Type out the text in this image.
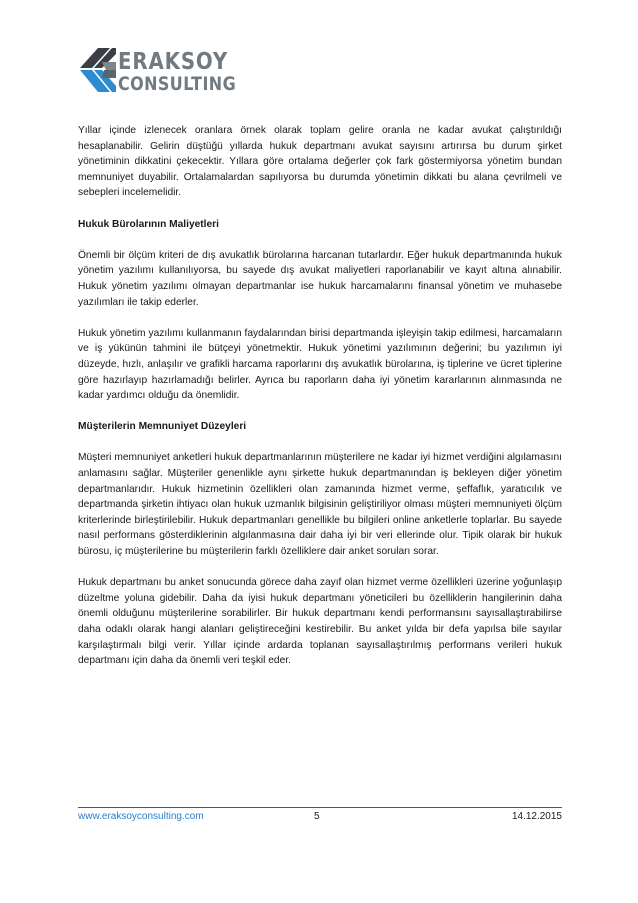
ERAKSOY
CONSULTING

Yıllar içinde izlenecek oranlara örnek olarak toplam gelire oranla ne kadar avukat çalıştırıldığı hesaplanabilir. Gelirin düştüğü yıllarda hukuk departmanı avukat sayısını artırırsa bu durum şirket yönetiminin dikkatini çekecektir. Yıllara göre ortalama değerler çok fark göstermiyorsa yönetim bundan memnuniyet duyabilir. Ortalamalardan sapılıyorsa bu durumda yönetimin dikkati bu alana çevrilmeli ve sebepleri incelemelidir.

Hukuk Bürolarının Maliyetleri

Önemli bir ölçüm kriteri de dış avukatlık bürolarına harcanan tutarlardır. Eğer hukuk departmanında hukuk yönetim yazılımı kullanılıyorsa, bu sayede dış avukat maliyetleri raporlanabilir ve kayıt altına alınabilir. Hukuk yönetim yazılımı olmayan departmanlar ise hukuk harcamalarını finansal yönetim ve muhasebe yazılımları ile takip ederler.

Hukuk yönetim yazılımı kullanmanın faydalarından birisi departmanda işleyişin takip edilmesi, harcamaların ve iş yükünün tahmini ile bütçeyi yönetmektir. Hukuk yönetimi yazılımının değerini; bu yazılımın iyi düzeyde, hızlı, anlaşılır ve grafikli harcama raporlarını dış avukatlık bürolarına, iş tiplerine ve ücret tiplerine göre hazırlayıp hazırlamadığı belirler. Ayrıca bu raporların daha iyi yönetim kararlarının alınmasında ne kadar yardımcı olduğu da önemlidir.

Müşterilerin Memnuniyet Düzeyleri

Müşteri memnuniyet anketleri hukuk departmanlarının müşterilere ne kadar iyi hizmet verdiğini algılamasını anlamasını sağlar. Müşteriler genenlikle aynı şirkette hukuk departmanından iş bekleyen diğer yönetim departmanlarıdır. Hukuk hizmetinin özellikleri olan zamanında hizmet verme, şeffaflık, yaratıcılık ve departmanda şirketin ihtiyacı olan hukuk uzmanlık bilgisinin geliştiriliyor olması müşteri memnuniyeti ölçüm kriterlerinde birleştirilebilir. Hukuk departmanları genellikle bu bilgileri online anketlerle toplarlar. Bu sayede nasıl performans gösterdiklerinin algılanmasına dair daha iyi bir veri ellerinde olur. Tipik olarak bir hukuk bürosu, iç müşterilerine bu müşterilerin farklı özelliklere dair anket soruları sorar.

Hukuk departmanı bu anket sonucunda görece daha zayıf olan hizmet verme özellikleri üzerine yoğunlaşıp düzeltme yoluna gidebilir. Daha da iyisi hukuk departmanı yöneticileri bu özelliklerin hangilerinin daha önemli olduğunu müşterilerine sorabilirler. Bir hukuk departmanı kendi performansını sayısallaştırabilirse daha odaklı olarak hangi alanları geliştireceğini kestirebilir. Bu anket yılda bir defa yapılsa bile sayılar karşılaştırmalı bilgi verir. Yıllar içinde ardarda toplanan sayısallaştırılmış performans verileri hukuk departmanı için daha da önemli veri teşkil eder.

www.eraksoyconsulting.com	5	14.12.2015
